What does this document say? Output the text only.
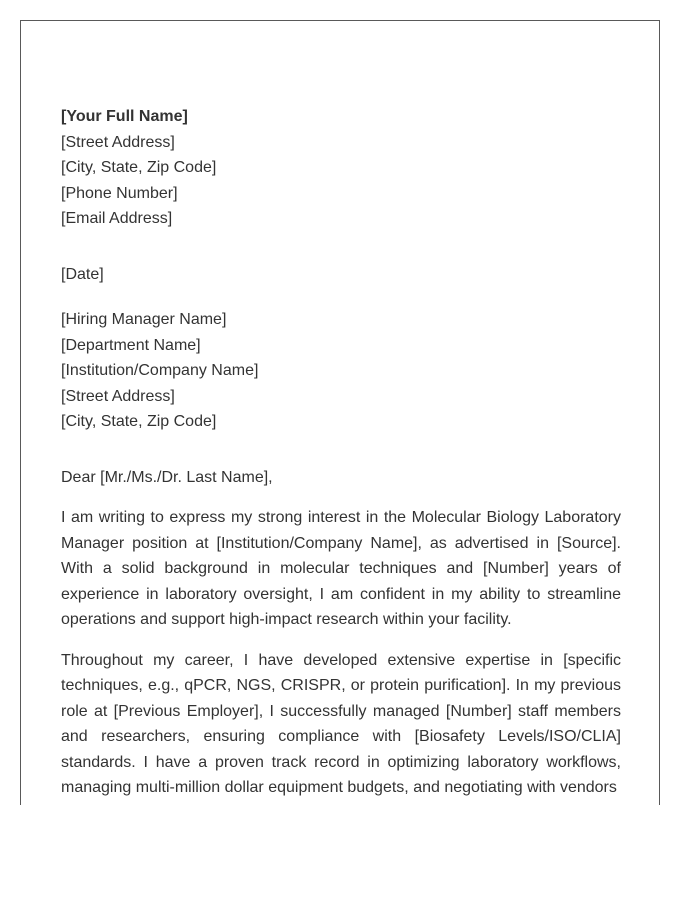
[Your Full Name]
[Street Address]
[City, State, Zip Code]
[Phone Number]
[Email Address]
[Date]
[Hiring Manager Name]
[Department Name]
[Institution/Company Name]
[Street Address]
[City, State, Zip Code]
Dear [Mr./Ms./Dr. Last Name],

I am writing to express my strong interest in the Molecular Biology Laboratory Manager position at [Institution/Company Name], as advertised in [Source]. With a solid background in molecular techniques and [Number] years of experience in laboratory oversight, I am confident in my ability to streamline operations and support high-impact research within your facility.

Throughout my career, I have developed extensive expertise in [specific techniques, e.g., qPCR, NGS, CRISPR, or protein purification]. In my previous role at [Previous Employer], I successfully managed [Number] staff members and researchers, ensuring compliance with [Biosafety Levels/ISO/CLIA] standards. I have a proven track record in optimizing laboratory workflows, managing multi-million dollar equipment budgets, and negotiating with vendors
